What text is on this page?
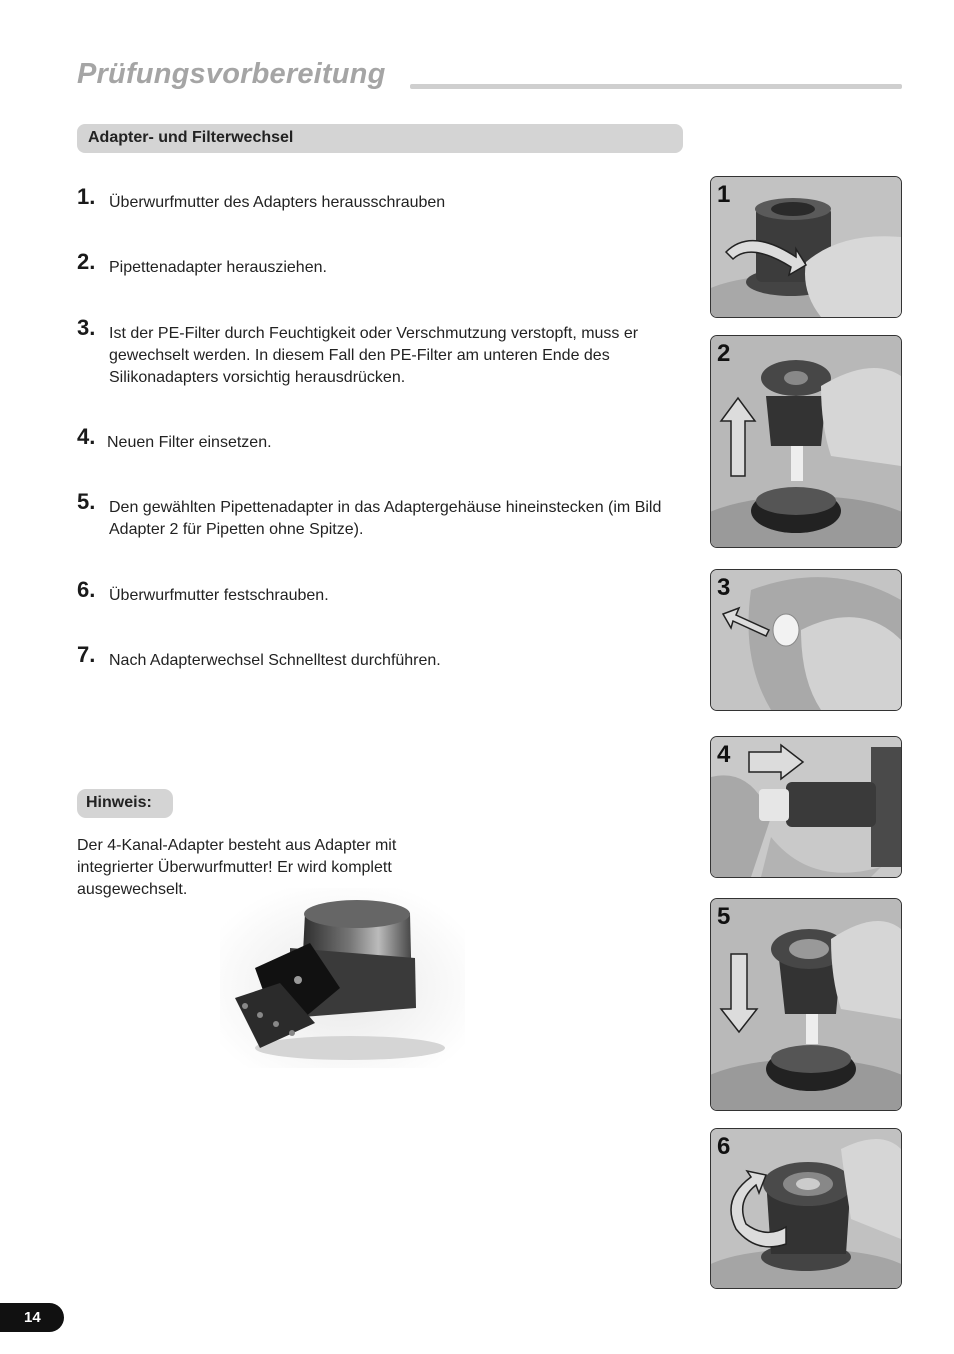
Prüfungsvorbereitung
Adapter- und Filterwechsel
1. Überwurfmutter des Adapters herausschrauben
2. Pipettenadapter herausziehen.
3. Ist der PE-Filter durch Feuchtigkeit oder Verschmutzung verstopft, muss er gewechselt werden. In diesem Fall den PE-Filter am unteren Ende des Silikonadapters vorsichtig herausdrücken.
4. Neuen Filter einsetzen.
5. Den gewählten Pipettenadapter in das Adaptergehäuse hineinstecken (im Bild Adapter 2 für Pipetten ohne Spitze).
6. Überwurfmutter festschrauben.
7. Nach Adapterwechsel Schnelltest durchführen.
Hinweis:
Der 4-Kanal-Adapter besteht aus Adapter mit integrierter Überwurfmutter! Er wird komplett ausgewechselt.
1
2
3
4
5
6
14
